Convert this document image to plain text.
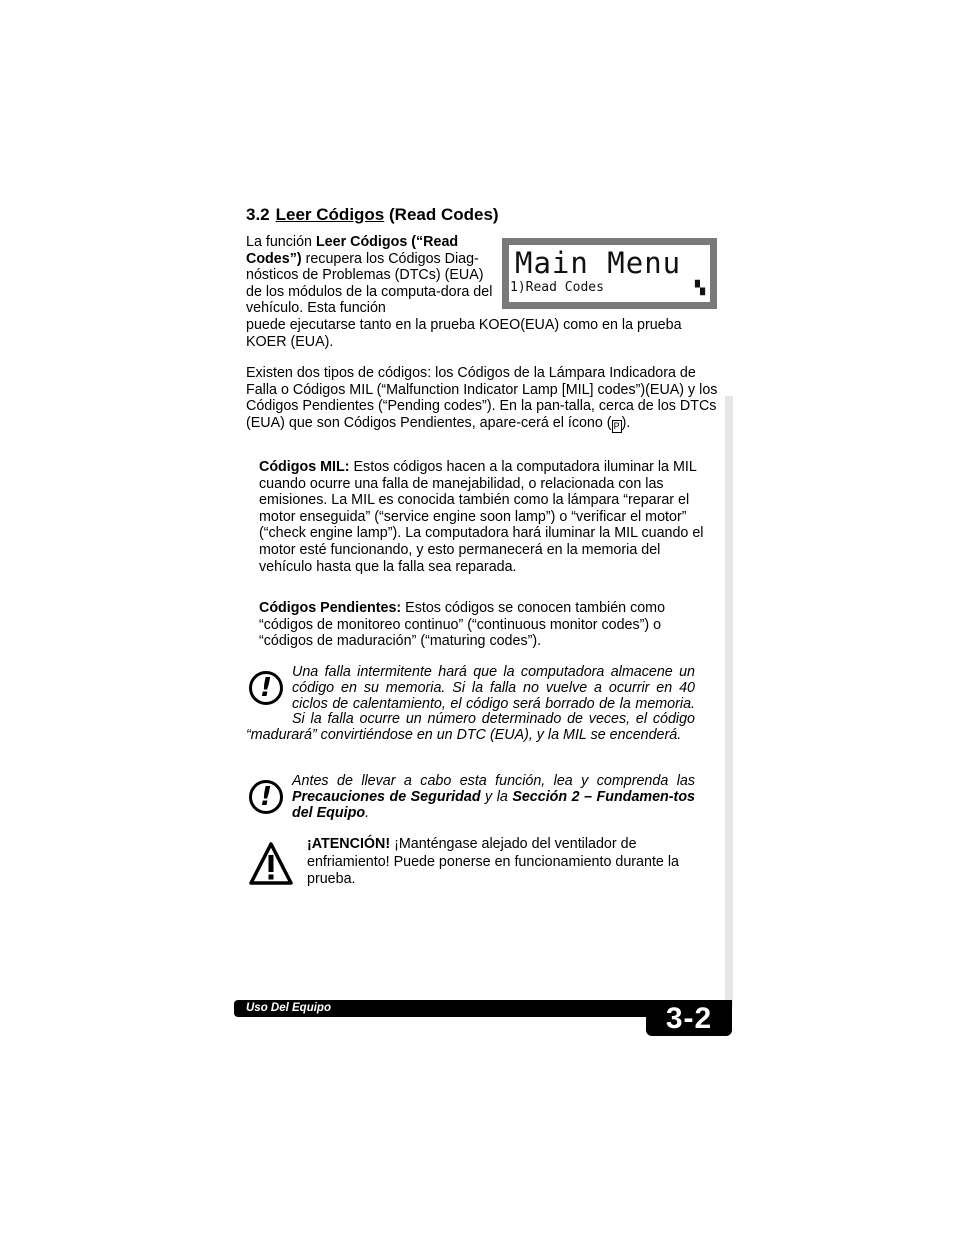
3.2 Leer Códigos (Read Codes)
La función Leer Códigos (“Read Codes”) recupera los Códigos Diag-nósticos de Problemas (DTCs) (EUA) de los módulos de la computa-dora del vehículo. Esta función
puede ejecutarse tanto en la prueba KOEO(EUA) como en la prueba KOER (EUA).
Main Menu
1)Read Codes	▚
Existen dos tipos de códigos: los Códigos de la Lámpara Indicadora de Falla o Códigos MIL (“Malfunction Indicator Lamp [MIL] codes”)(EUA) y los Códigos Pendientes (“Pending codes”). En la pan-talla, cerca de los DTCs (EUA) que son Códigos Pendientes, apare-cerá el ícono ( P ).
Códigos MIL: Estos códigos hacen a la computadora iluminar la MIL cuando ocurre una falla de manejabilidad, o relacionada con las emisiones. La MIL es conocida también como la lámpara “reparar el motor enseguida” (“service engine soon lamp”) o “verificar el motor” (“check engine lamp”). La computadora hará iluminar la MIL cuando el motor esté funcionando, y esto permanecerá en la memoria del vehículo hasta que la falla sea reparada.
Códigos Pendientes: Estos códigos se conocen también como “códigos de monitoreo continuo” (“continuous monitor codes”) o “códigos de maduración” (“maturing codes”).
!
Una falla intermitente hará que la computadora almacene un código en su memoria. Si la falla no vuelve a ocurrir en 40 ciclos de calentamiento, el código será borrado de la memoria. Si la falla ocurre un número determinado de veces, el código “madurará” convirtiéndose en un DTC (EUA), y la MIL se encenderá.
!
Antes de llevar a cabo esta función, lea y comprenda las Precauciones de Seguridad y la Sección 2 – Fundamen-tos del Equipo.
¡ATENCIÓN! ¡Manténgase alejado del ventilador de enfriamiento! Puede ponerse en funcionamiento durante la prueba.
Uso Del Equipo	3-2
